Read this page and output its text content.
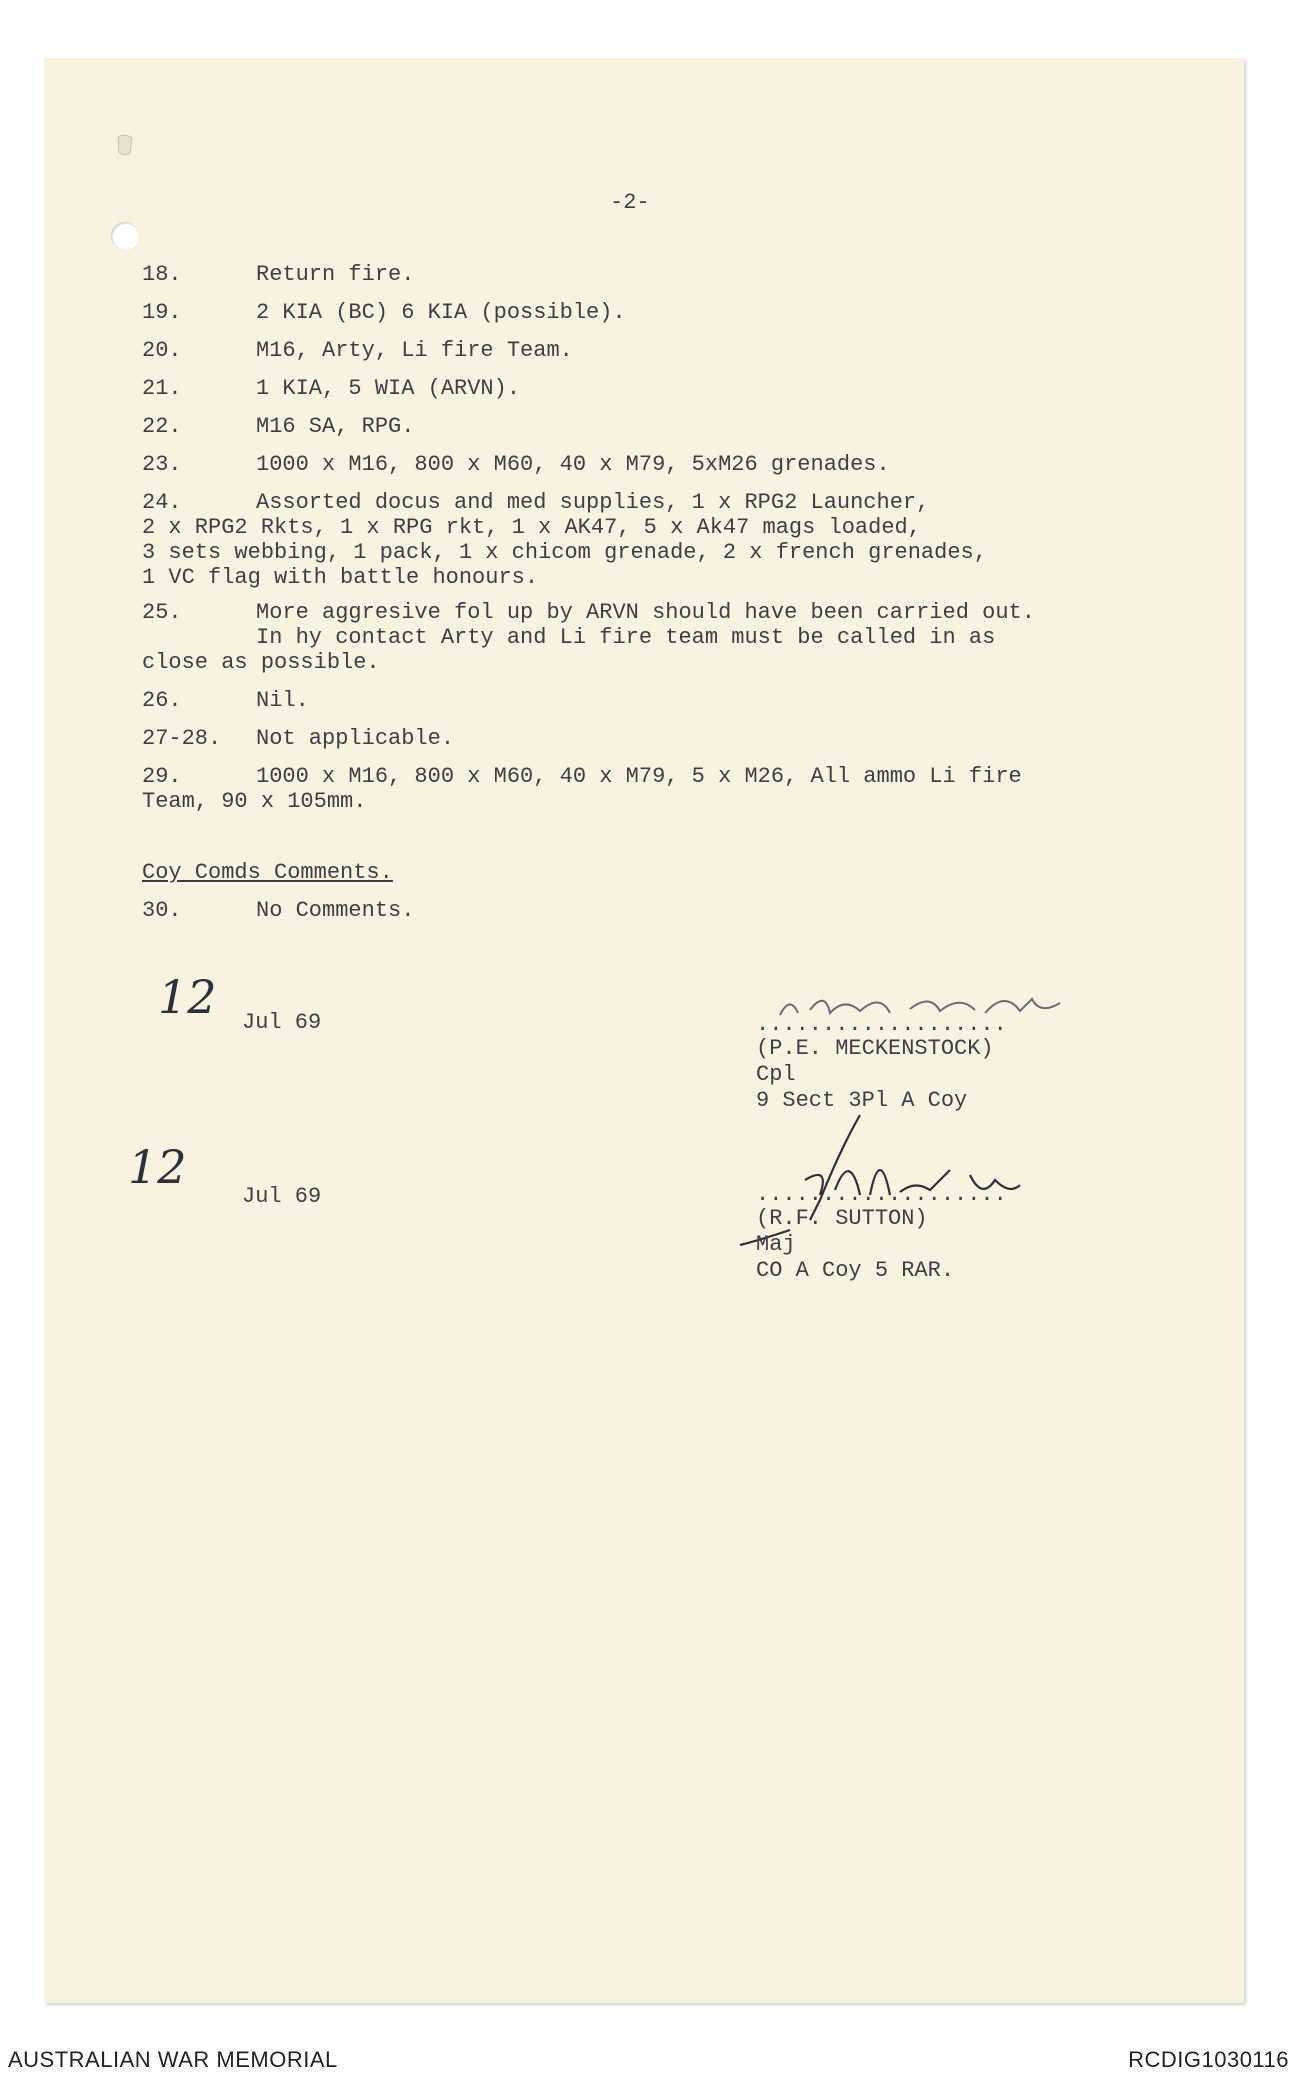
-2-
18.	Return fire.
19.	2 KIA (BC) 6 KIA (possible).
20.	M16, Arty, Li fire Team.
21.	1 KIA, 5 WIA (ARVN).
22.	M16 SA, RPG.
23.	1000 x M16, 800 x M60, 40 x M79, 5xM26 grenades.
24.	Assorted docus and med supplies, 1 x RPG2 Launcher,
2 x RPG2 Rkts, 1 x RPG rkt, 1 x AK47, 5 x Ak47 mags loaded,
3 sets webbing, 1 pack, 1 x chicom grenade, 2 x french grenades,
1 VC flag with battle honours.
25.	More aggresive fol up by ARVN should have been carried out.
In hy contact Arty and Li fire team must be called in as
close as possible.
26.	Nil.
27-28. Not applicable.
29.	1000 x M16, 800 x M60, 40 x M79, 5 x M26, All ammo Li fire
Team, 90 x 105mm.
Coy Comds Comments.
30.	No Comments.
12 Jul 69	...................
(P.E. MECKENSTOCK)
Cpl
9 Sect 3Pl A Coy
12
Jul 69	...................
(R.F. SUTTON)
Maj
CO A Coy 5 RAR.
AUSTRALIAN WAR MEMORIAL	RCDIG1030116
